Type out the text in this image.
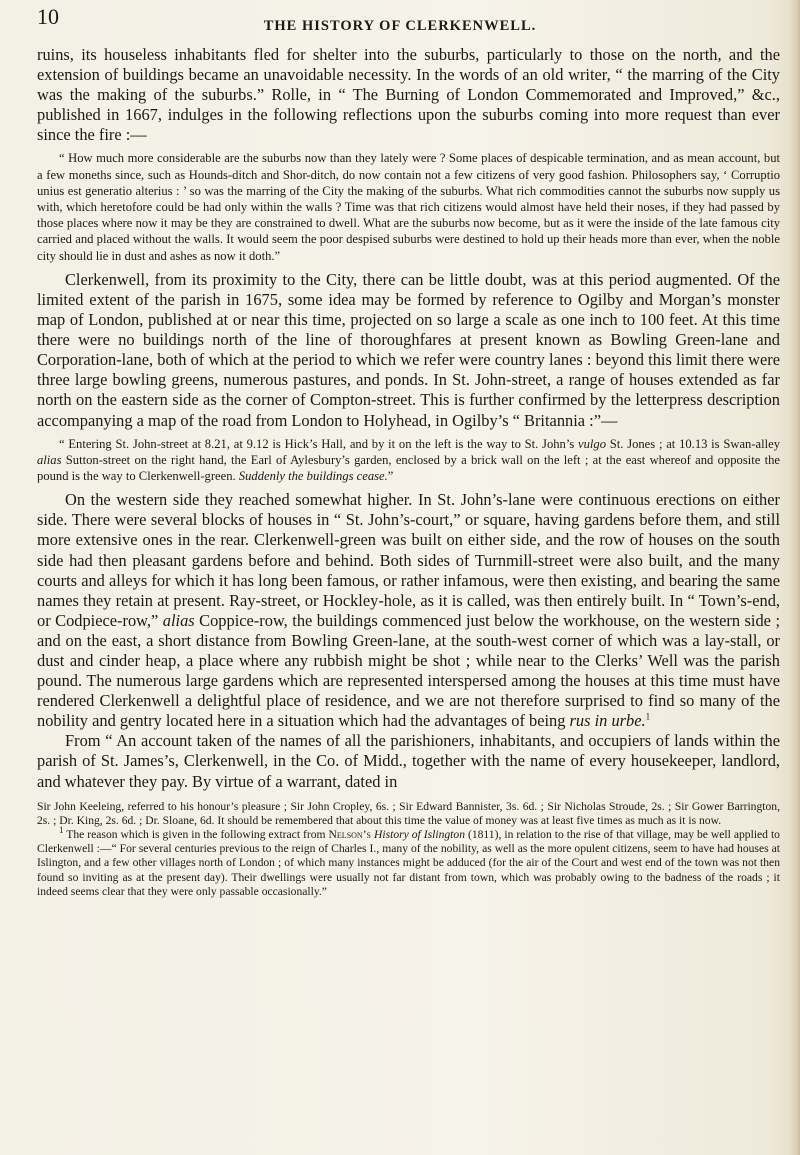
10	THE HISTORY OF CLERKENWELL.

ruins, its houseless inhabitants fled for shelter into the suburbs, particularly to those on the north, and the extension of buildings became an unavoidable necessity. In the words of an old writer, “ the marring of the City was the making of the suburbs.” Rolle, in “ The Burning of London Commemorated and Improved,” &c., published in 1667, indulges in the following reflections upon the suburbs coming into more request than ever since the fire :—

“ How much more considerable are the suburbs now than they lately were ? Some places of despicable termination, and as mean account, but a few moneths since, such as Hounds-ditch and Shor-ditch, do now contain not a few citizens of very good fashion. Philosophers say, ‘ Corruptio unius est generatio alterius : ’ so was the marring of the City the making of the suburbs. What rich commodities cannot the suburbs now supply us with, which heretofore could be had only within the walls ? Time was that rich citizens would almost have held their noses, if they had passed by those places where now it may be they are constrained to dwell. What are the suburbs now become, but as it were the inside of the late famous city carried and placed without the walls. It would seem the poor despised suburbs were destined to hold up their heads more than ever, when the noble city should lie in dust and ashes as now it doth.”

Clerkenwell, from its proximity to the City, there can be little doubt, was at this period augmented. Of the limited extent of the parish in 1675, some idea may be formed by reference to Ogilby and Morgan’s monster map of London, published at or near this time, projected on so large a scale as one inch to 100 feet. At this time there were no buildings north of the line of thoroughfares at present known as Bowling Green-lane and Corporation-lane, both of which at the period to which we refer were country lanes : beyond this limit there were three large bowling greens, numerous pastures, and ponds. In St. John-street, a range of houses extended as far north on the eastern side as the corner of Compton-street. This is further confirmed by the letterpress description accompanying a map of the road from London to Holyhead, in Ogilby’s “ Britannia :”—

“ Entering St. John-street at 8.21, at 9.12 is Hick’s Hall, and by it on the left is the way to St. John’s vulgo St. Jones ; at 10.13 is Swan-alley alias Sutton-street on the right hand, the Earl of Aylesbury’s garden, enclosed by a brick wall on the left ; at the east whereof and opposite the pound is the way to Clerkenwell-green. Suddenly the buildings cease.”

On the western side they reached somewhat higher. In St. John’s-lane were continuous erections on either side. There were several blocks of houses in “ St. John’s-court,” or square, having gardens before them, and still more extensive ones in the rear. Clerkenwell-green was built on either side, and the row of houses on the south side had then pleasant gardens before and behind. Both sides of Turnmill-street were also built, and the many courts and alleys for which it has long been famous, or rather infamous, were then existing, and bearing the same names they retain at present. Ray-street, or Hockley-hole, as it is called, was then entirely built. In “ Town’s-end, or Codpiece-row,” alias Coppice-row, the buildings commenced just below the workhouse, on the western side ; and on the east, a short distance from Bowling Green-lane, at the south-west corner of which was a lay-stall, or dust and cinder heap, a place where any rubbish might be shot ; while near to the Clerks’ Well was the parish pound. The numerous large gardens which are represented interspersed among the houses at this time must have rendered Clerkenwell a delightful place of residence, and we are not therefore surprised to find so many of the nobility and gentry located here in a situation which had the advantages of being rus in urbe.$^1$

From “ An account taken of the names of all the parishioners, inhabitants, and occupiers of lands within the parish of St. James’s, Clerkenwell, in the Co. of Midd., together with the name of every housekeeper, landlord, and whatever they pay. By virtue of a warrant, dated in

Sir John Keeleing, referred to his honour’s pleasure ; Sir John Cropley, 6s. ; Sir Edward Bannister, 3s. 6d. ; Sir Nicholas Stroude, 2s. ; Sir Gower Barrington, 2s. ; Dr. King, 2s. 6d. ; Dr. Sloane, 6d. It should be remembered that about this time the value of money was at least five times as much as it is now.

$^1$ The reason which is given in the following extract from Nelson’s History of Islington (1811), in relation to the rise of that village, may be well applied to Clerkenwell :—“ For several centuries previous to the reign of Charles I., many of the nobility, as well as the more opulent citizens, seem to have had houses at Islington, and a few other villages north of London ; of which many instances might be adduced (for the air of the Court and west end of the town was not then found so inviting as at the present day). Their dwellings were usually not far distant from town, which was probably owing to the badness of the roads ; it indeed seems clear that they were only passable occasionally.”
